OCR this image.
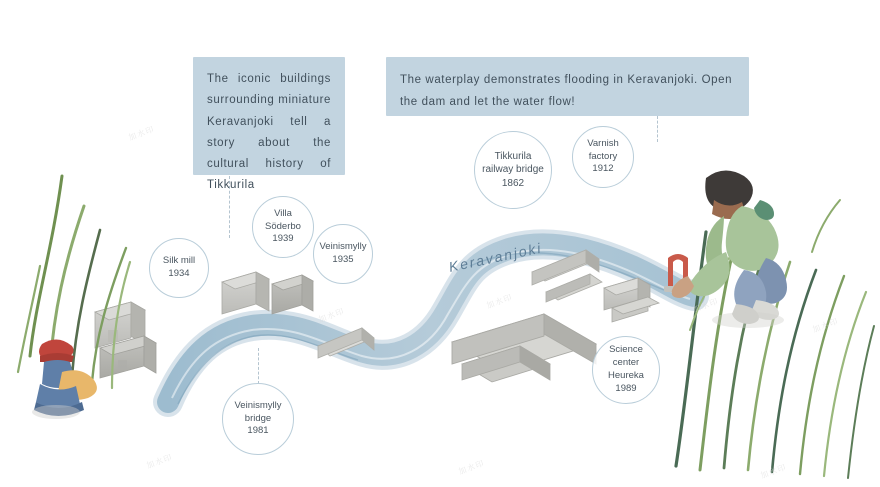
Keravanjoki
The iconic buildings surrounding miniature Keravanjoki tell a story about the cultural history of Tikkurila
The waterplay demonstrates flooding in Keravanjoki. Open the dam and let the water flow!
Silk mill
1934
Villa Söderbo
1939
Veinismylly
1935
Tikkurila railway bridge
1862
Varnish factory
1912
Veinismylly bridge
1981
Science center Heureka
1989
加水印
加水印
加水印	加水印
加水印
加水印	加水印	加水印
